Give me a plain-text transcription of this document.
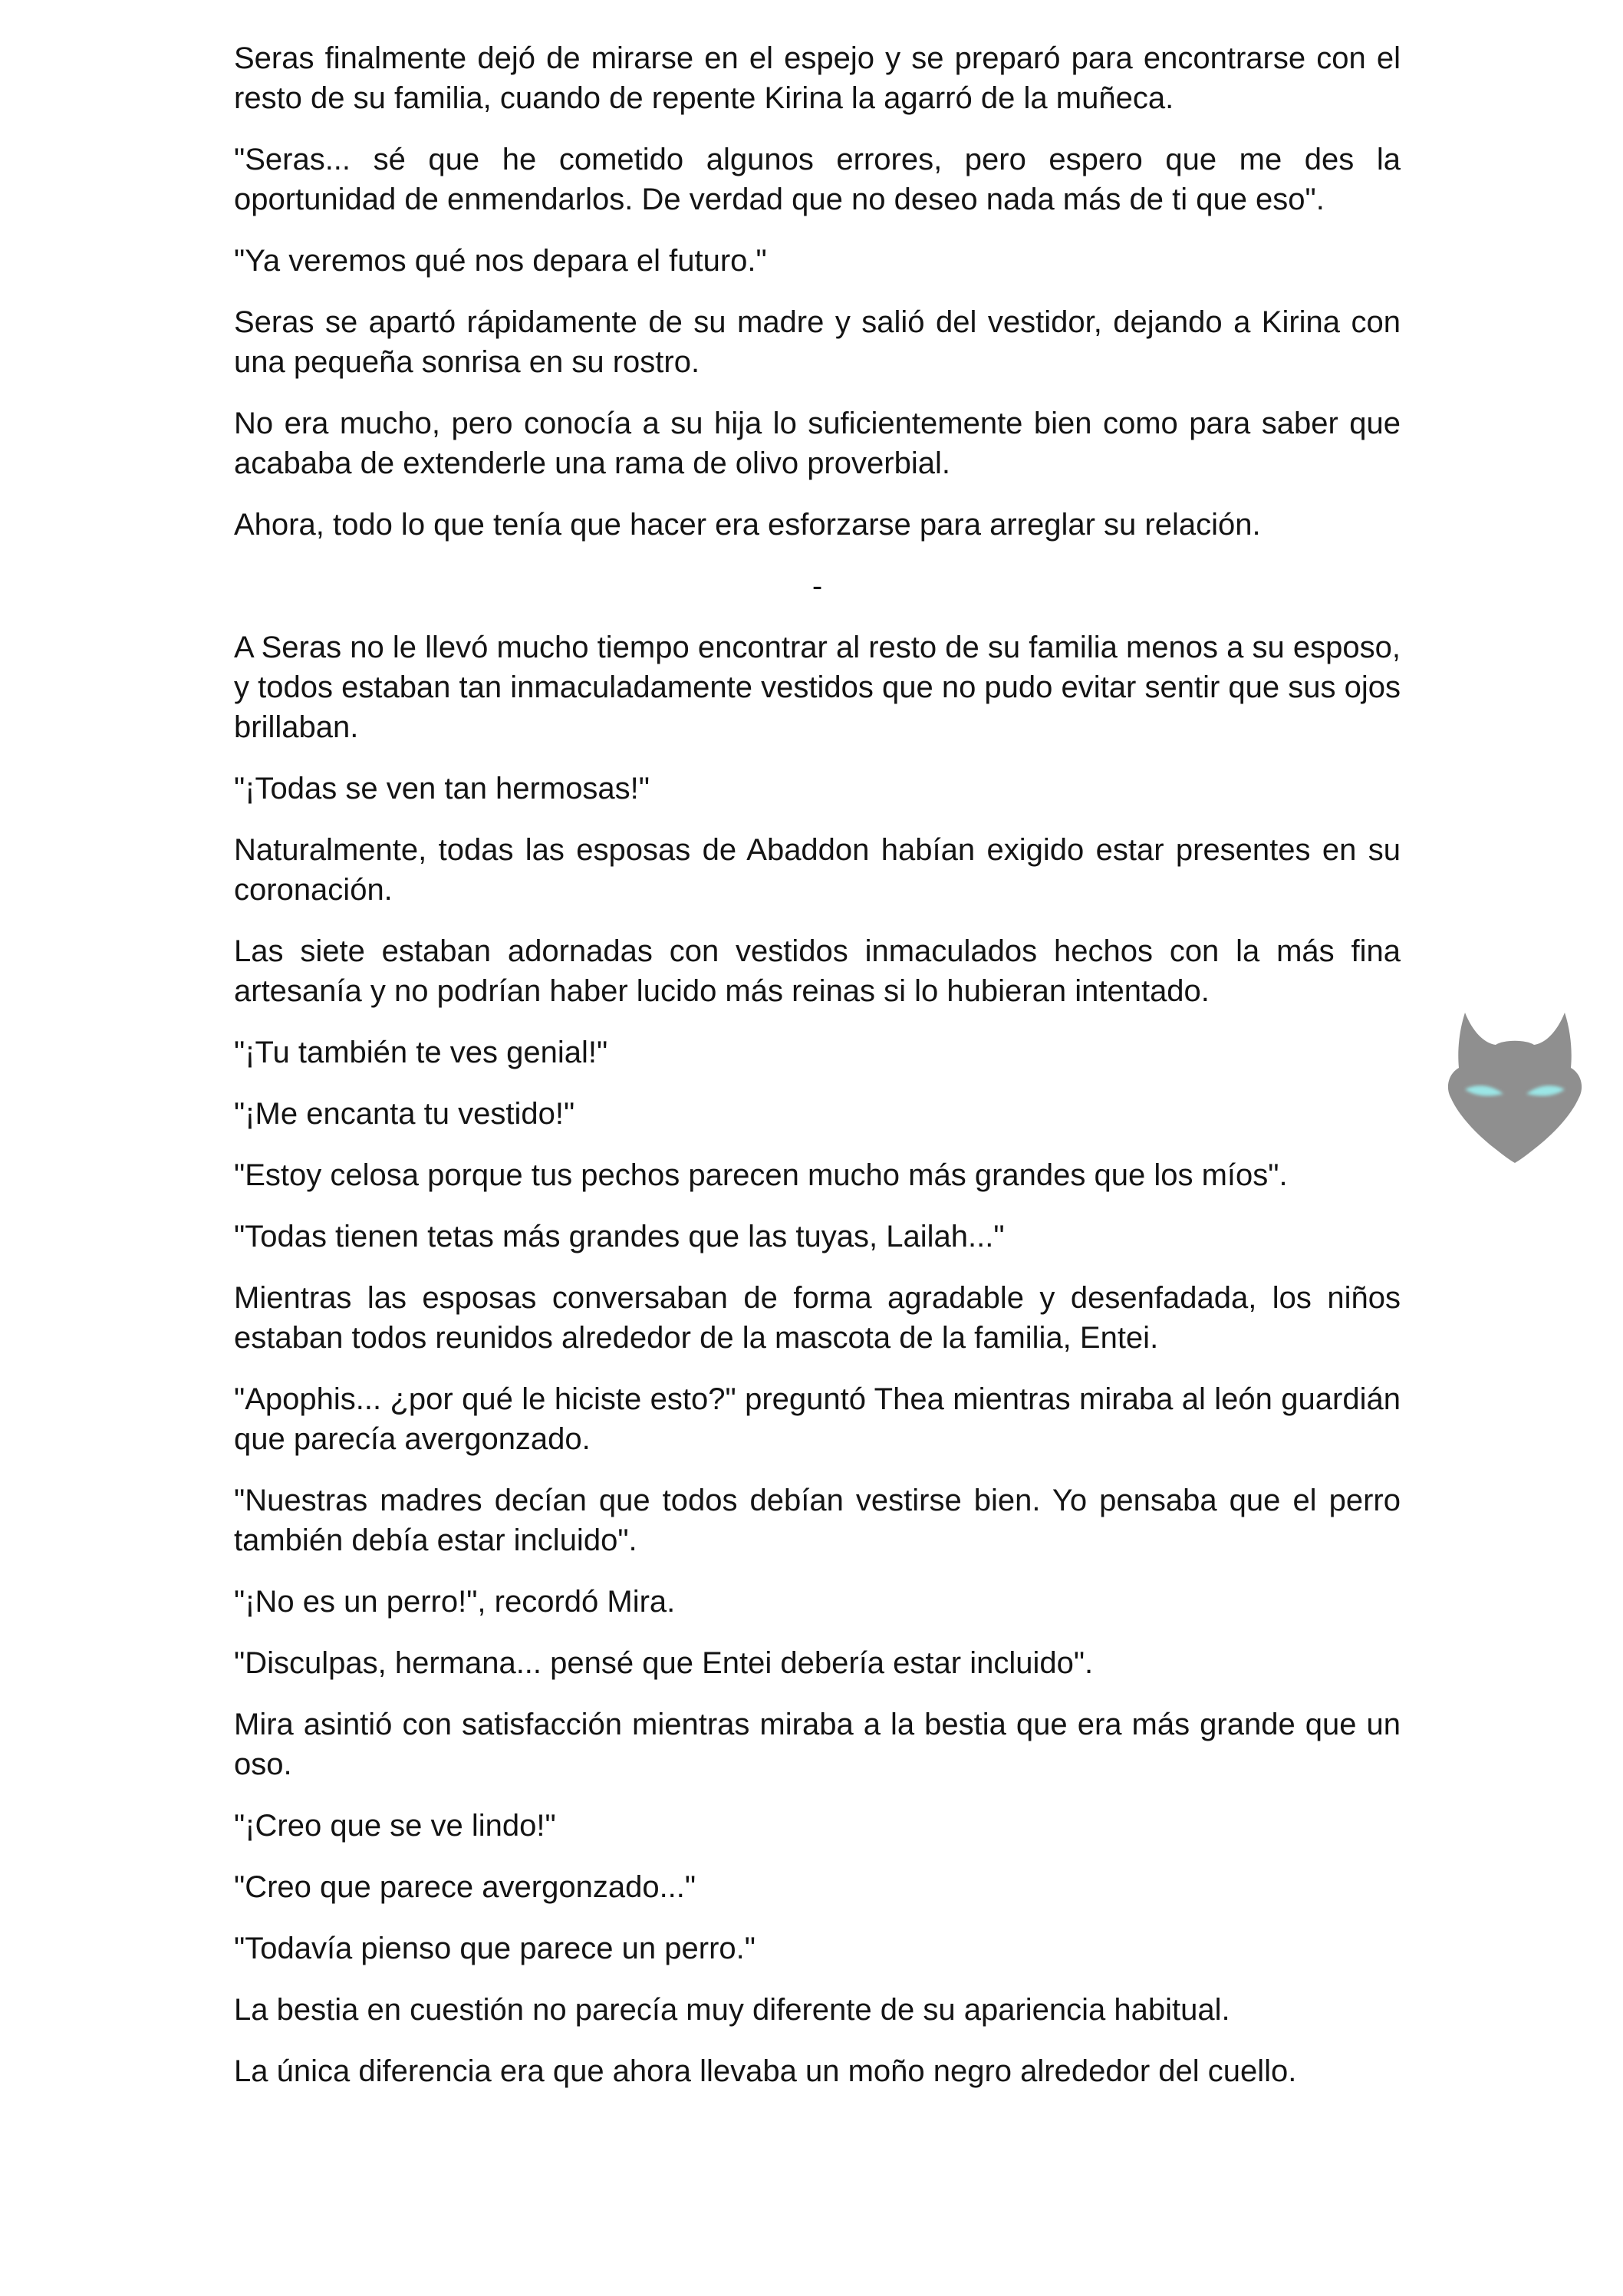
Seras finalmente dejó de mirarse en el espejo y se preparó para encontrarse con el resto de su familia, cuando de repente Kirina la agarró de la muñeca.

"Seras... sé que he cometido algunos errores, pero espero que me des la oportunidad de enmendarlos. De verdad que no deseo nada más de ti que eso".

"Ya veremos qué nos depara el futuro."

Seras se apartó rápidamente de su madre y salió del vestidor, dejando a Kirina con una pequeña sonrisa en su rostro.

No era mucho, pero conocía a su hija lo suficientemente bien como para saber que acababa de extenderle una rama de olivo proverbial.

Ahora, todo lo que tenía que hacer era esforzarse para arreglar su relación.

-

A Seras no le llevó mucho tiempo encontrar al resto de su familia menos a su esposo, y todos estaban tan inmaculadamente vestidos que no pudo evitar sentir que sus ojos brillaban.

"¡Todas se ven tan hermosas!"

Naturalmente, todas las esposas de Abaddon habían exigido estar presentes en su coronación.

Las siete estaban adornadas con vestidos inmaculados hechos con la más fina artesanía y no podrían haber lucido más reinas si lo hubieran intentado.

"¡Tu también te ves genial!"

"¡Me encanta tu vestido!"

"Estoy celosa porque tus pechos parecen mucho más grandes que los míos".

"Todas tienen tetas más grandes que las tuyas, Lailah..."

Mientras las esposas conversaban de forma agradable y desenfadada, los niños estaban todos reunidos alrededor de la mascota de la familia, Entei.

"Apophis... ¿por qué le hiciste esto?" preguntó Thea mientras miraba al león guardián que parecía avergonzado.

"Nuestras madres decían que todos debían vestirse bien. Yo pensaba que el perro también debía estar incluido".

"¡No es un perro!", recordó Mira.

"Disculpas, hermana... pensé que Entei debería estar incluido".

Mira asintió con satisfacción mientras miraba a la bestia que era más grande que un oso.

"¡Creo que se ve lindo!"

"Creo que parece avergonzado..."

"Todavía pienso que parece un perro."

La bestia en cuestión no parecía muy diferente de su apariencia habitual.

La única diferencia era que ahora llevaba un moño negro alrededor del cuello.
